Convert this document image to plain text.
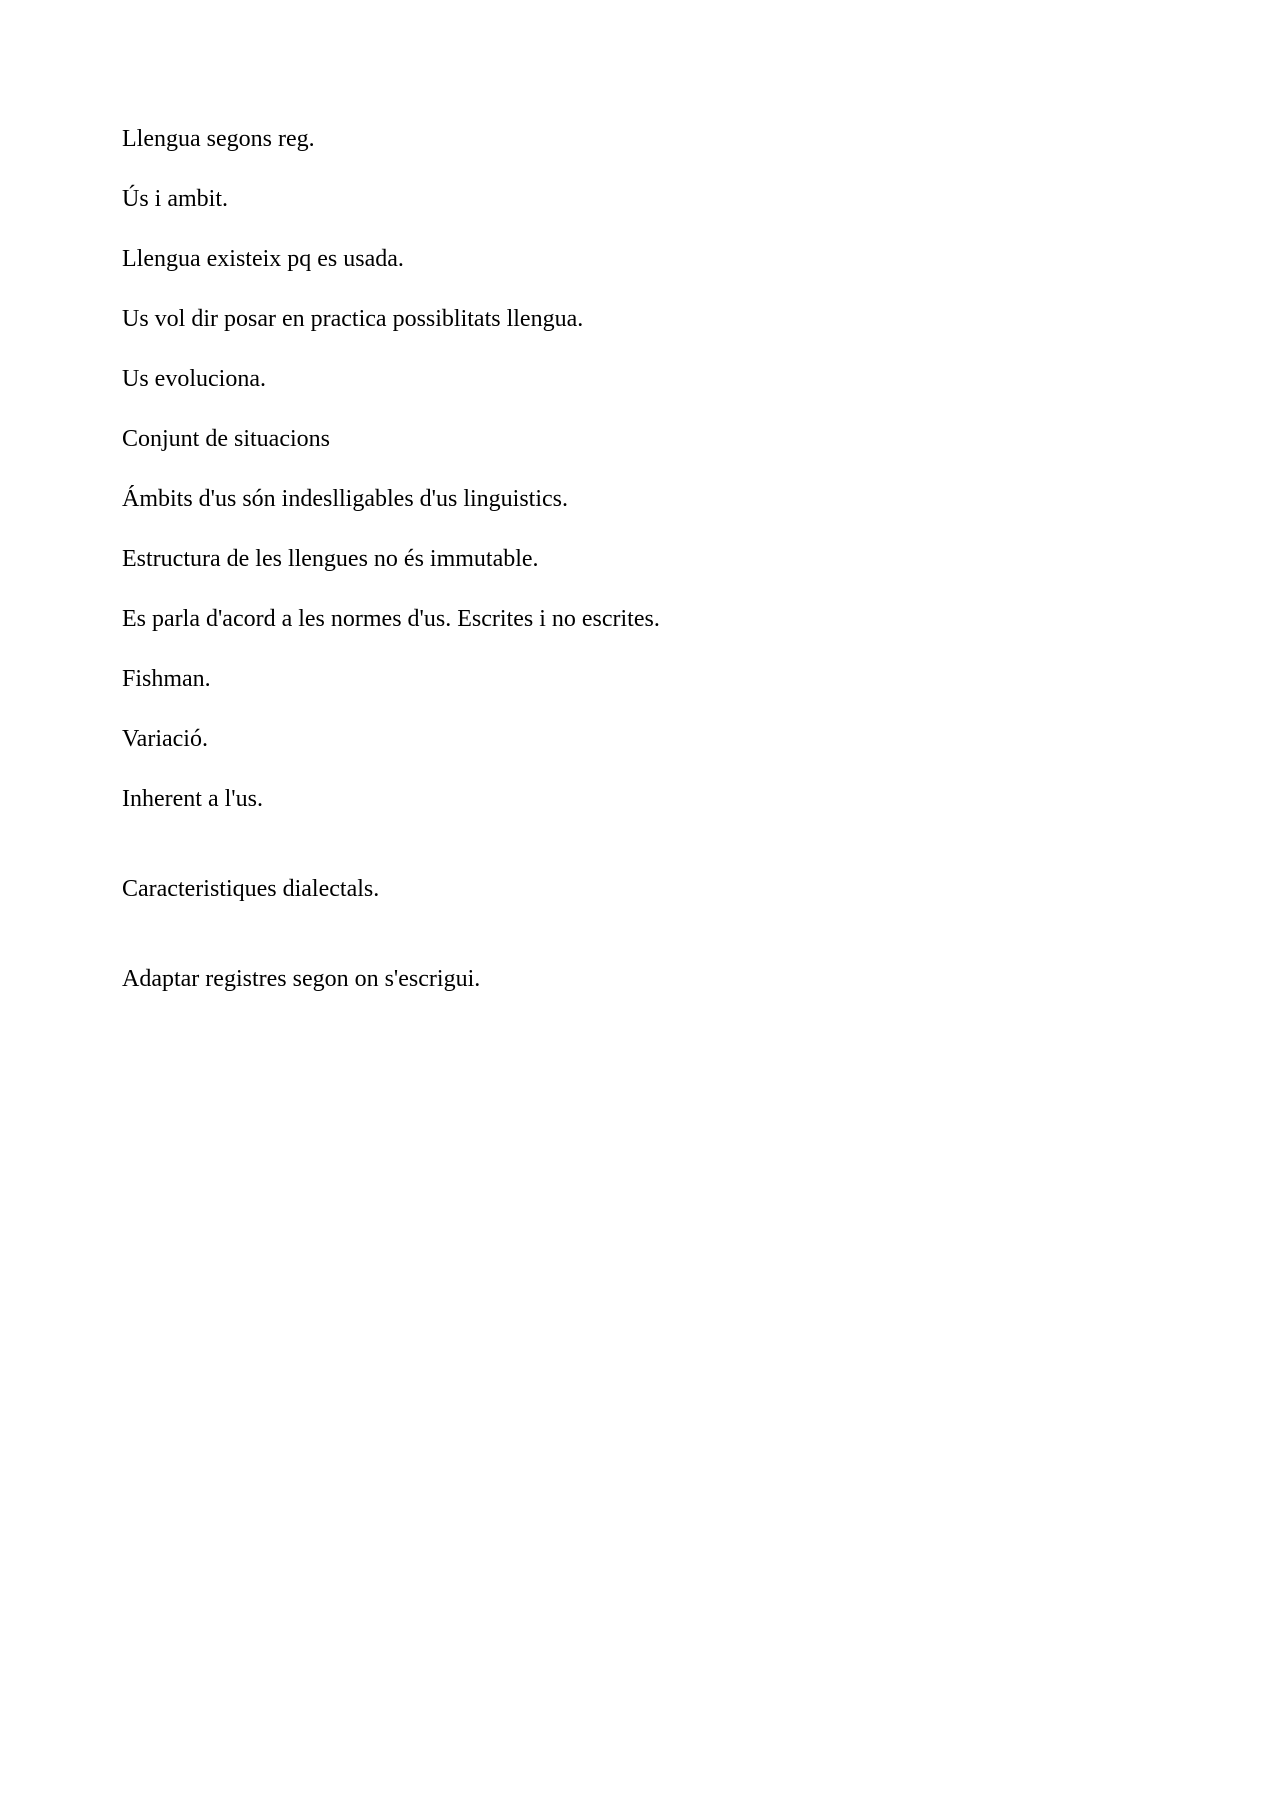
Llengua segons reg.

Ús i ambit.

Llengua existeix pq es usada.

Us vol dir posar en practica possiblitats llengua.

Us evoluciona.

Conjunt de situacions

Ámbits d'us són indeslligables d'us linguistics.

Estructura de les llengues no és immutable.

Es parla d'acord a les normes d'us. Escrites i no escrites.

Fishman.

Variació.

Inherent a l'us.

Caracteristiques dialectals.

Adaptar registres segon on s'escrigui.
